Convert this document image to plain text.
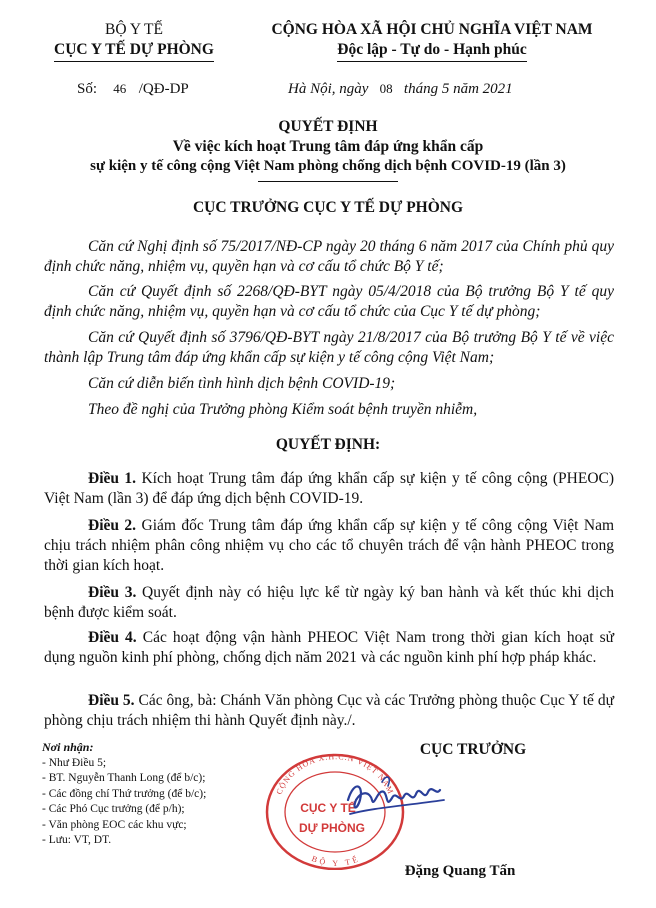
BỘ Y TẾ
CỤC Y TẾ DỰ PHÒNG
CỘNG HÒA XÃ HỘI CHỦ NGHĨA VIỆT NAM
Độc lập - Tự do - Hạnh phúc
Số: 46 /QĐ-DP	Hà Nội, ngày 08 tháng 5 năm 2021
QUYẾT ĐỊNH
Về việc kích hoạt Trung tâm đáp ứng khẩn cấp
sự kiện y tế công cộng Việt Nam phòng chống dịch bệnh COVID-19 (lần 3)
CỤC TRƯỞNG CỤC Y TẾ DỰ PHÒNG
Căn cứ Nghị định số 75/2017/NĐ-CP ngày 20 tháng 6 năm 2017 của Chính phủ quy định chức năng, nhiệm vụ, quyền hạn và cơ cấu tổ chức Bộ Y tế;
Căn cứ Quyết định số 2268/QĐ-BYT ngày 05/4/2018 của Bộ trưởng Bộ Y tế quy định chức năng, nhiệm vụ, quyền hạn và cơ cấu tổ chức của Cục Y tế dự phòng;
Căn cứ Quyết định số 3796/QĐ-BYT ngày 21/8/2017 của Bộ trưởng Bộ Y tế về việc thành lập Trung tâm đáp ứng khẩn cấp sự kiện y tế công cộng Việt Nam;
Căn cứ diễn biến tình hình dịch bệnh COVID-19;
Theo đề nghị của Trưởng phòng Kiểm soát bệnh truyền nhiễm,
QUYẾT ĐỊNH:
Điều 1. Kích hoạt Trung tâm đáp ứng khẩn cấp sự kiện y tế công cộng (PHEOC) Việt Nam (lần 3) để đáp ứng dịch bệnh COVID-19.
Điều 2. Giám đốc Trung tâm đáp ứng khẩn cấp sự kiện y tế công cộng Việt Nam chịu trách nhiệm phân công nhiệm vụ cho các tổ chuyên trách để vận hành PHEOC trong thời gian kích hoạt.
Điều 3. Quyết định này có hiệu lực kể từ ngày ký ban hành và kết thúc khi dịch bệnh được kiểm soát.
Điều 4. Các hoạt động vận hành PHEOC Việt Nam trong thời gian kích hoạt sử dụng nguồn kinh phí phòng, chống dịch năm 2021 và các nguồn kinh phí hợp pháp khác.
Điều 5. Các ông, bà: Chánh Văn phòng Cục và các Trưởng phòng thuộc Cục Y tế dự phòng chịu trách nhiệm thi hành Quyết định này./.
Nơi nhận:
- Như Điều 5;
- BT. Nguyễn Thanh Long (để b/c);
- Các đồng chí Thứ trưởng (để b/c);
- Các Phó Cục trưởng (để p/h);
- Văn phòng EOC các khu vực;
- Lưu: VT, DT.
CỤC TRƯỞNG
CỘNG HÒA X.H.C.N VIỆT NAM
CỤC Y TẾ
DỰ PHÒNG
BỘ Y TẾ
Đặng Quang Tấn
